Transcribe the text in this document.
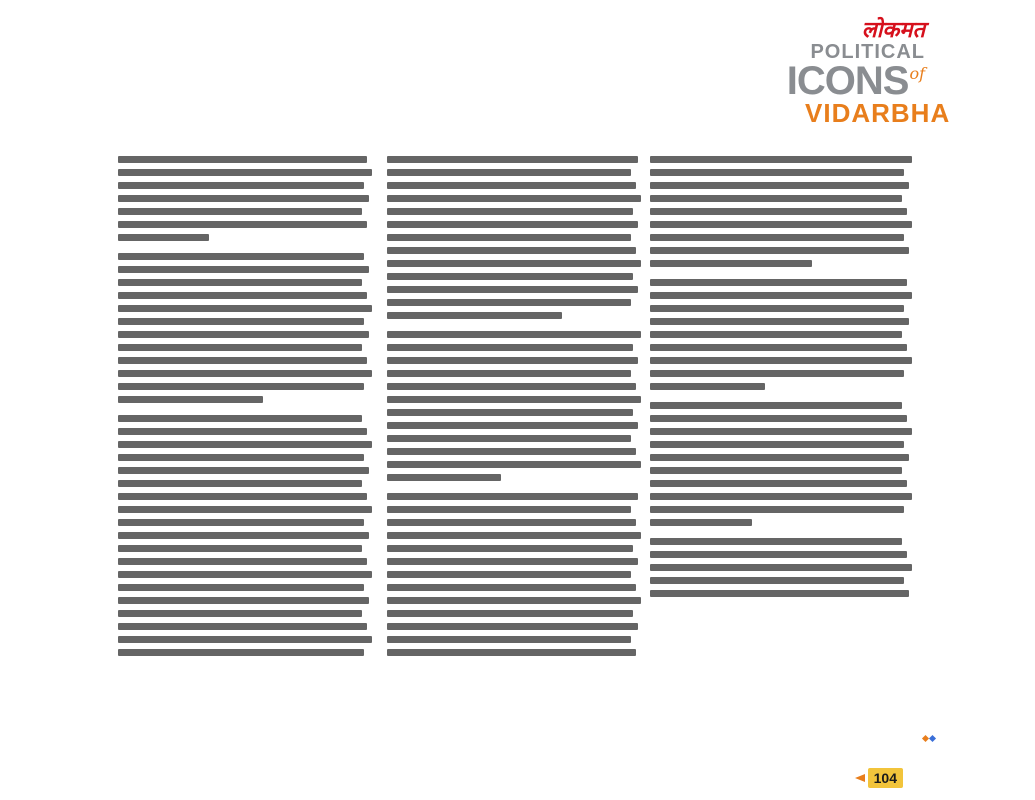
लोकमत
POLITICAL
ICONS of
VIDARBHA
104
